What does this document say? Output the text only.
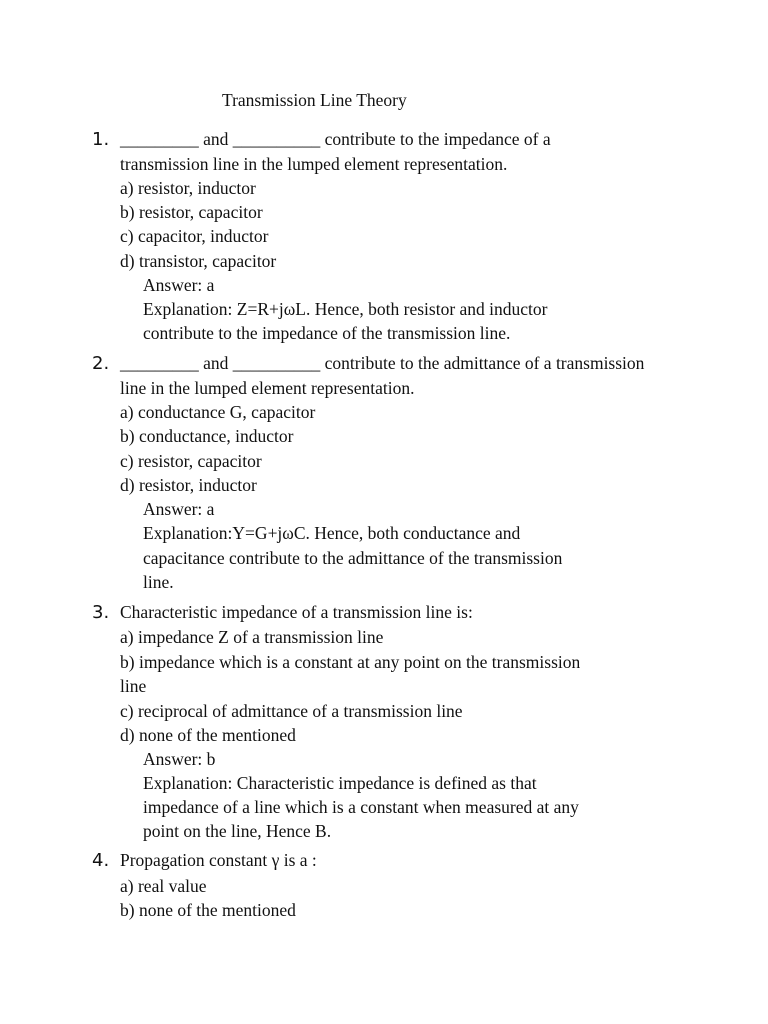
Transmission Line Theory
1. _________ and __________ contribute to the impedance of a
transmission line in the lumped element representation.
a) resistor, inductor
b) resistor, capacitor
c) capacitor, inductor
d) transistor, capacitor
Answer: a
Explanation: Z=R+jωL. Hence, both resistor and inductor
contribute to the impedance of the transmission line.
2. _________ and __________ contribute to the admittance of a transmission
line in the lumped element representation.
a) conductance G, capacitor
b) conductance, inductor
c) resistor, capacitor
d) resistor, inductor
Answer: a
Explanation:Y=G+jωC. Hence, both conductance and
capacitance contribute to the admittance of the transmission
line.
3. Characteristic impedance of a transmission line is:
a) impedance Z of a transmission line
b) impedance which is a constant at any point on the transmission
line
c) reciprocal of admittance of a transmission line
d) none of the mentioned
Answer: b
Explanation: Characteristic impedance is defined as that
impedance of a line which is a constant when measured at any
point on the line, Hence B.
4. Propagation constant γ is a :
a) real value
b) none of the mentioned
